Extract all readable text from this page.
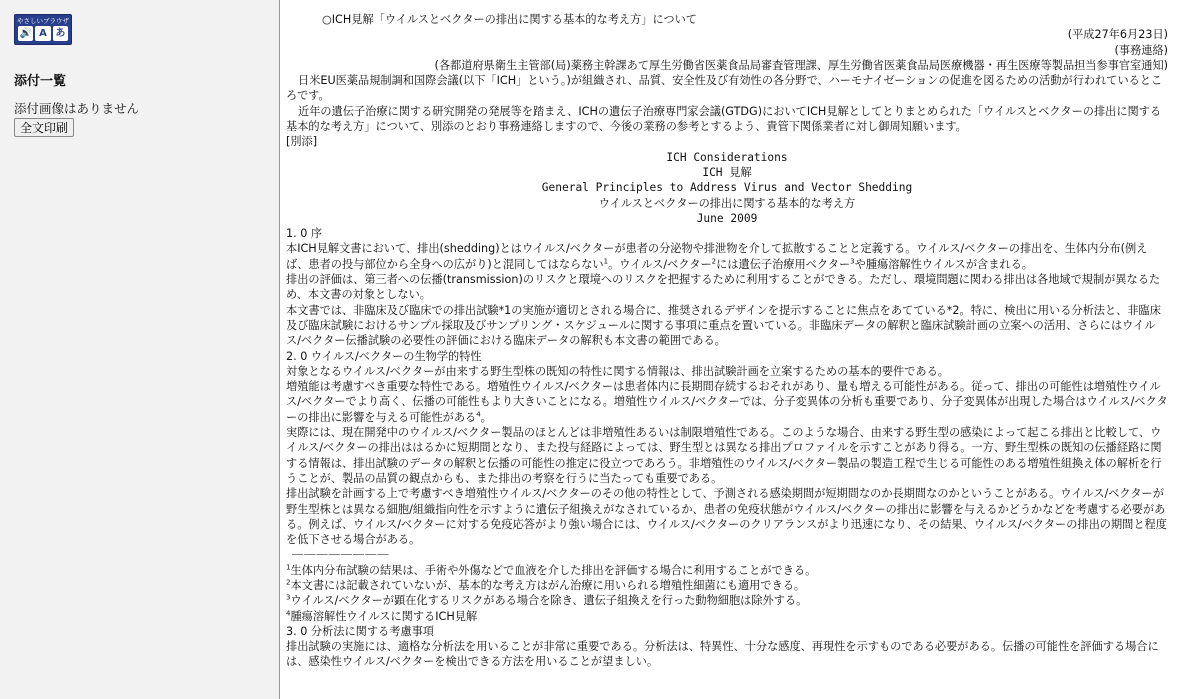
やさしいブラウザ
🔊 A あ
添付一覧
添付画像はありません
全文印刷

○ICH見解「ウイルスとベクターの排出に関する基本的な考え方」について

(平成27年6月23日)

(事務連絡)

(各都道府県衛生主管部(局)薬務主幹課あて厚生労働省医薬食品局審査管理課、厚生労働省医薬食品局医療機器・再生医療等製品担当参事官室通知)

日米EU医薬品規制調和国際会議(以下「ICH」という。)が組織され、品質、安全性及び有効性の各分野で、ハーモナイゼーションの促進を図るための活動が行われているところです。

近年の遺伝子治療に関する研究開発の発展等を踏まえ、ICHの遺伝子治療専門家会議(GTDG)においてICH見解としてとりまとめられた「ウイルスとベクターの排出に関する基本的な考え方」について、別添のとおり事務連絡しますので、今後の業務の参考とするよう、貴管下関係業者に対し御周知願います。

[別添]

ICH Considerations

ICH 見解

General Principles to Address Virus and Vector Shedding

ウイルスとベクターの排出に関する基本的な考え方

June 2009

1. 0 序

本ICH見解文書において、排出(shedding)とはウイルス/ベクターが患者の分泌物や排泄物を介して拡散することと定義する。ウイルス/ベクターの排出を、生体内分布(例えば、患者の投与部位から全身への広がり)と混同してはならない$^1$。ウイルス/ベクター$^2$には遺伝子治療用ベクター$^3$や腫瘍溶解性ウイルスが含まれる。

排出の評価は、第三者への伝播(transmission)のリスクと環境へのリスクを把握するために利用することができる。ただし、環境問題に関わる排出は各地域で規制が異なるため、本文書の対象としない。

本文書では、非臨床及び臨床での排出試験*1の実施が適切とされる場合に、推奨されるデザインを提示することに焦点をあてている*2。特に、検出に用いる分析法と、非臨床及び臨床試験におけるサンプル採取及びサンプリング・スケジュールに関する事項に重点を置いている。非臨床データの解釈と臨床試験計画の立案への活用、さらにはウイルス/ベクター伝播試験の必要性の評価における臨床データの解釈も本文書の範囲である。

2. 0 ウイルス/ベクターの生物学的特性

対象となるウイルス/ベクターが由来する野生型株の既知の特性に関する情報は、排出試験計画を立案するための基本的要件である。

増殖能は考慮すべき重要な特性である。増殖性ウイルス/ベクターは患者体内に長期間存続するおそれがあり、量も増える可能性がある。従って、排出の可能性は増殖性ウイルス/ベクターでより高く、伝播の可能性もより大きいことになる。増殖性ウイルス/ベクターでは、分子変異体の分析も重要であり、分子変異体が出現した場合はウイルス/ベクターの排出に影響を与える可能性がある$^4$。

実際には、現在開発中のウイルス/ベクター製品のほとんどは非増殖性あるいは制限増殖性である。このような場合、由来する野生型の感染によって起こる排出と比較して、ウイルス/ベクターの排出ははるかに短期間となり、また投与経路によっては、野生型とは異なる排出プロファイルを示すことがあり得る。一方、野生型株の既知の伝播経路に関する情報は、排出試験のデータの解釈と伝播の可能性の推定に役立つであろう。非増殖性のウイルス/ベクター製品の製造工程で生じる可能性のある増殖性組換え体の解析を行うことが、製品の品質の観点からも、また排出の考察を行うに当たっても重要である。

排出試験を計画する上で考慮すべき増殖性ウイルス/ベクターのその他の特性として、予測される感染期間が短期間なのか長期間なのかということがある。ウイルス/ベクターが野生型株とは異なる細胞/組織指向性を示すように遺伝子組換えがなされているか、患者の免疫状態がウイルス/ベクターの排出に影響を与えるかどうかなどを考慮する必要がある。例えば、ウイルス/ベクターに対する免疫応答がより強い場合には、ウイルス/ベクターのクリアランスがより迅速になり、その結果、ウイルス/ベクターの排出の期間と程度を低下させる場合がある。

――――――――

$^1$生体内分布試験の結果は、手術や外傷などで血液を介した排出を評価する場合に利用することができる。

$^2$本文書には記載されていないが、基本的な考え方はがん治療に用いられる増殖性細菌にも適用できる。

$^3$ウイルス/ベクターが顕在化するリスクがある場合を除き、遺伝子組換えを行った動物細胞は除外する。

$^4$腫瘍溶解性ウイルスに関するICH見解

3. 0 分析法に関する考慮事項

排出試験の実施には、適格な分析法を用いることが非常に重要である。分析法は、特異性、十分な感度、再現性を示すものである必要がある。伝播の可能性を評価する場合には、感染性ウイルス/ベクターを検出できる方法を用いることが望ましい。
